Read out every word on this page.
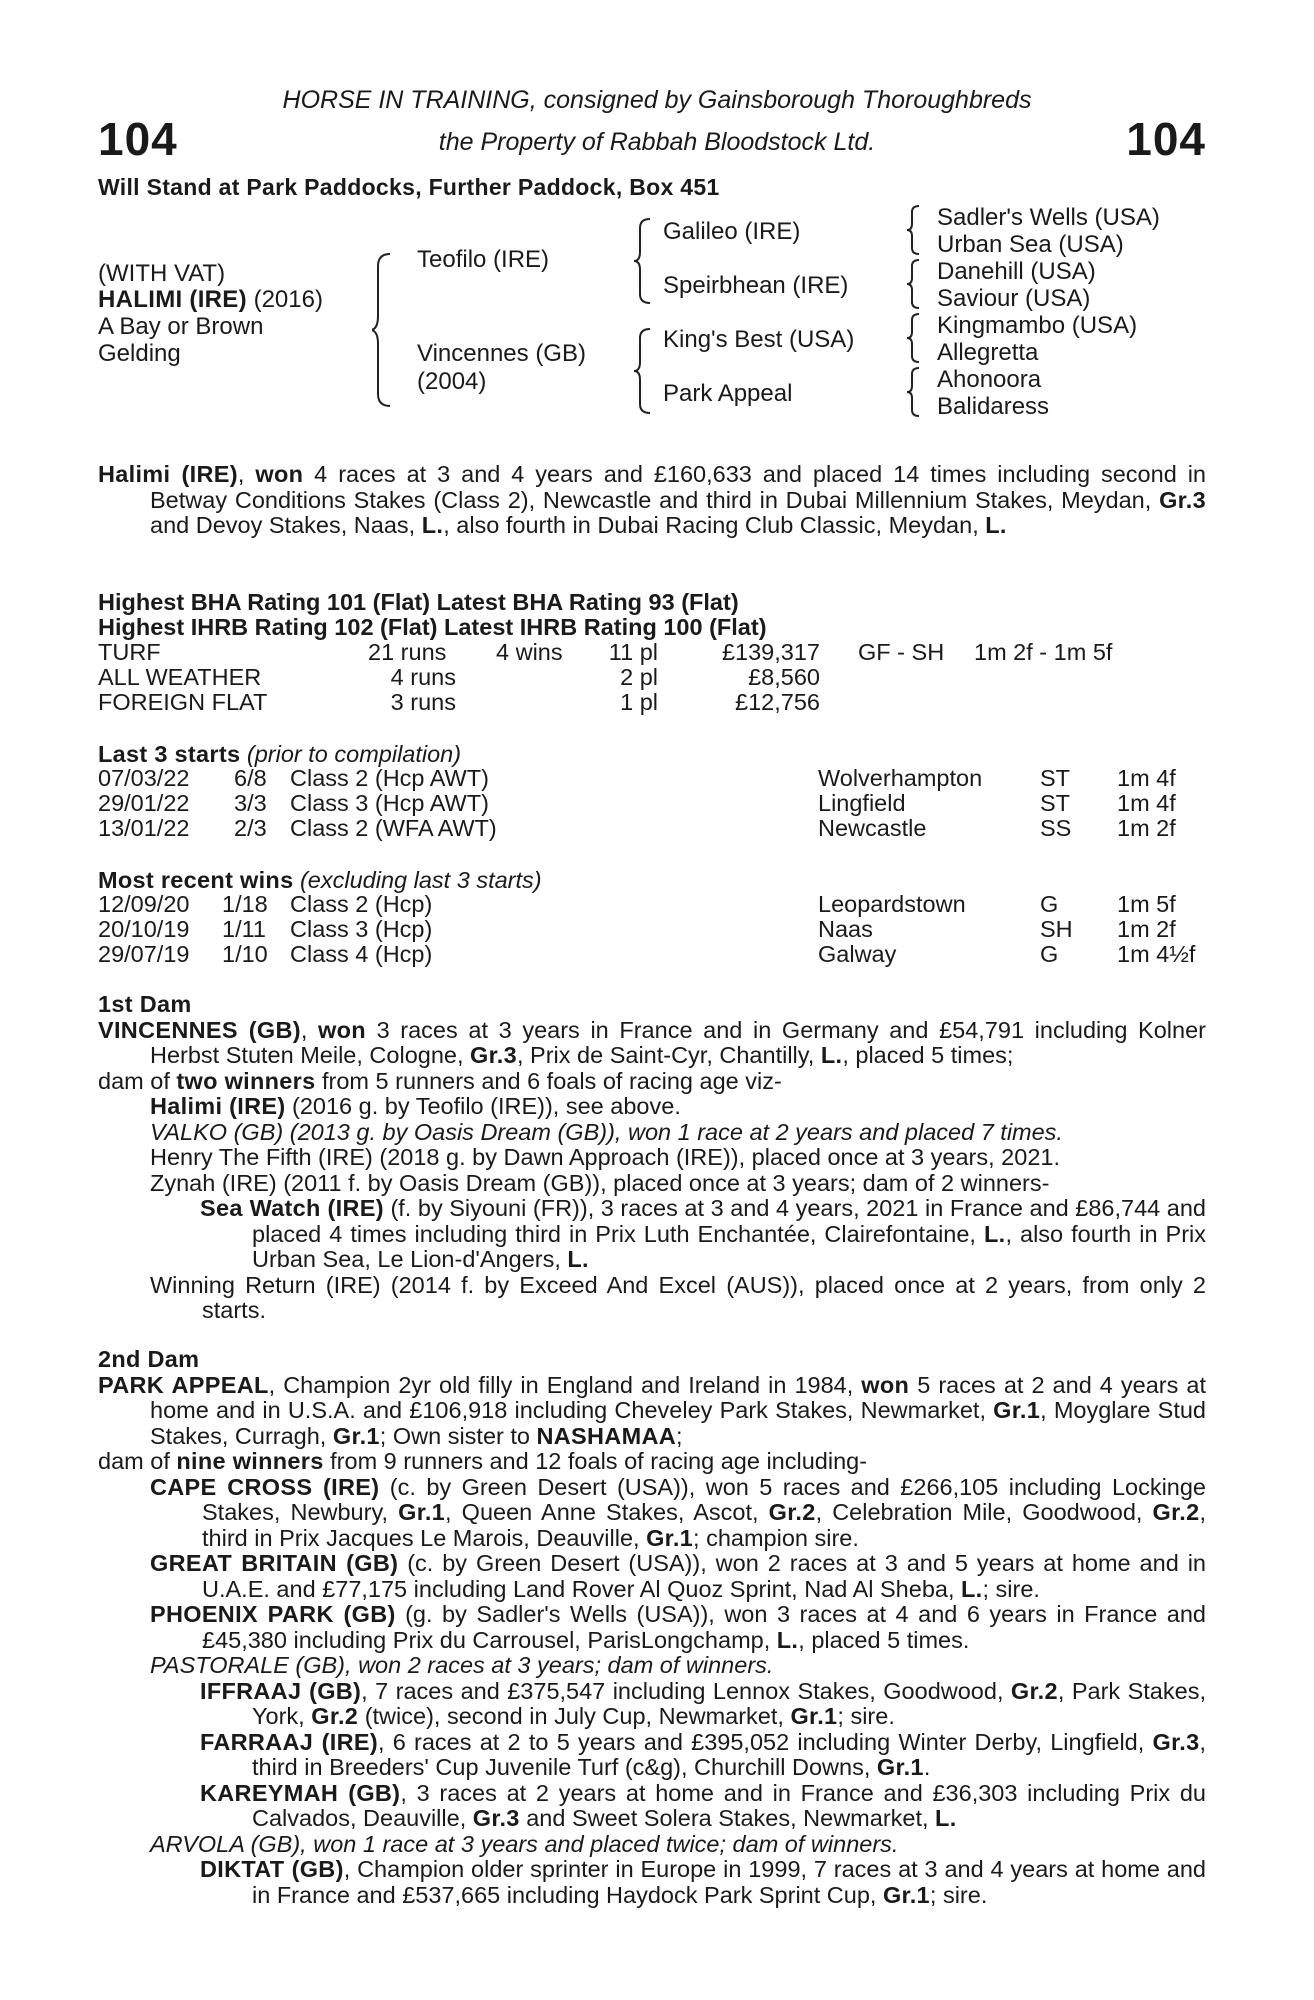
104	104
HORSE IN TRAINING, consigned by Gainsborough Thoroughbreds
the Property of Rabbah Bloodstock Ltd.
Will Stand at Park Paddocks, Further Paddock, Box 451
(WITH VAT)
HALIMI (IRE) (2016)
A Bay or Brown
Gelding
Teofilo (IRE)
Vincennes (GB)
(2004)
Galileo (IRE)
Speirbhean (IRE)
King's Best (USA)
Park Appeal
Sadler's Wells (USA)
Urban Sea (USA)
Danehill (USA)
Saviour (USA)
Kingmambo (USA)
Allegretta
Ahonoora
Balidaress

Halimi (IRE), won 4 races at 3 and 4 years and £160,633 and placed 14 times including second in Betway Conditions Stakes (Class 2), Newcastle and third in Dubai Millennium Stakes, Meydan, Gr.3 and Devoy Stakes, Naas, L., also fourth in Dubai Racing Club Classic, Meydan, L.

Highest BHA Rating 101 (Flat) Latest BHA Rating 93 (Flat)
Highest IHRB Rating 102 (Flat) Latest IHRB Rating 100 (Flat)
TURF	21 runs 4 wins	11 pl	£139,317 GF - SH 1m 2f - 1m 5f
ALL WEATHER	4 runs	2 pl	£8,560
FOREIGN FLAT	3 runs	1 pl	£12,756
Last 3 starts (prior to compilation)
07/03/22 6/8 Class 2 (Hcp AWT)	Wolverhampton ST 1m 4f
29/01/22 3/3 Class 3 (Hcp AWT)	Lingfield	ST 1m 4f
13/01/22 2/3 Class 2 (WFA AWT)	Newcastle	SS 1m 2f
Most recent wins (excluding last 3 starts)
12/09/20 1/18 Class 2 (Hcp)	Leopardstown	G 1m 5f
20/10/19 1/11 Class 3 (Hcp)	Naas	SH 1m 2f
29/07/19 1/10 Class 4 (Hcp)	Galway	G 1m 4½f

1st Dam

VINCENNES (GB), won 3 races at 3 years in France and in Germany and £54,791 including Kolner Herbst Stuten Meile, Cologne, Gr.3, Prix de Saint-Cyr, Chantilly, L., placed 5 times;

dam of two winners from 5 runners and 6 foals of racing age viz-

Halimi (IRE) (2016 g. by Teofilo (IRE)), see above.

VALKO (GB) (2013 g. by Oasis Dream (GB)), won 1 race at 2 years and placed 7 times.

Henry The Fifth (IRE) (2018 g. by Dawn Approach (IRE)), placed once at 3 years, 2021.

Zynah (IRE) (2011 f. by Oasis Dream (GB)), placed once at 3 years; dam of 2 winners-

Sea Watch (IRE) (f. by Siyouni (FR)), 3 races at 3 and 4 years, 2021 in France and £86,744 and placed 4 times including third in Prix Luth Enchantée, Clairefontaine, L., also fourth in Prix Urban Sea, Le Lion-d'Angers, L.

Winning Return (IRE) (2014 f. by Exceed And Excel (AUS)), placed once at 2 years, from only 2 starts.

2nd Dam

PARK APPEAL, Champion 2yr old filly in England and Ireland in 1984, won 5 races at 2 and 4 years at home and in U.S.A. and £106,918 including Cheveley Park Stakes, Newmarket, Gr.1, Moyglare Stud Stakes, Curragh, Gr.1; Own sister to NASHAMAA;

dam of nine winners from 9 runners and 12 foals of racing age including-

CAPE CROSS (IRE) (c. by Green Desert (USA)), won 5 races and £266,105 including Lockinge Stakes, Newbury, Gr.1, Queen Anne Stakes, Ascot, Gr.2, Celebration Mile, Goodwood, Gr.2, third in Prix Jacques Le Marois, Deauville, Gr.1; champion sire.

GREAT BRITAIN (GB) (c. by Green Desert (USA)), won 2 races at 3 and 5 years at home and in U.A.E. and £77,175 including Land Rover Al Quoz Sprint, Nad Al Sheba, L.; sire.

PHOENIX PARK (GB) (g. by Sadler's Wells (USA)), won 3 races at 4 and 6 years in France and £45,380 including Prix du Carrousel, ParisLongchamp, L., placed 5 times.

PASTORALE (GB), won 2 races at 3 years; dam of winners.

IFFRAAJ (GB), 7 races and £375,547 including Lennox Stakes, Goodwood, Gr.2, Park Stakes, York, Gr.2 (twice), second in July Cup, Newmarket, Gr.1; sire.

FARRAAJ (IRE), 6 races at 2 to 5 years and £395,052 including Winter Derby, Lingfield, Gr.3, third in Breeders' Cup Juvenile Turf (c&g), Churchill Downs, Gr.1.

KAREYMAH (GB), 3 races at 2 years at home and in France and £36,303 including Prix du Calvados, Deauville, Gr.3 and Sweet Solera Stakes, Newmarket, L.

ARVOLA (GB), won 1 race at 3 years and placed twice; dam of winners.

DIKTAT (GB), Champion older sprinter in Europe in 1999, 7 races at 3 and 4 years at home and in France and £537,665 including Haydock Park Sprint Cup, Gr.1; sire.
